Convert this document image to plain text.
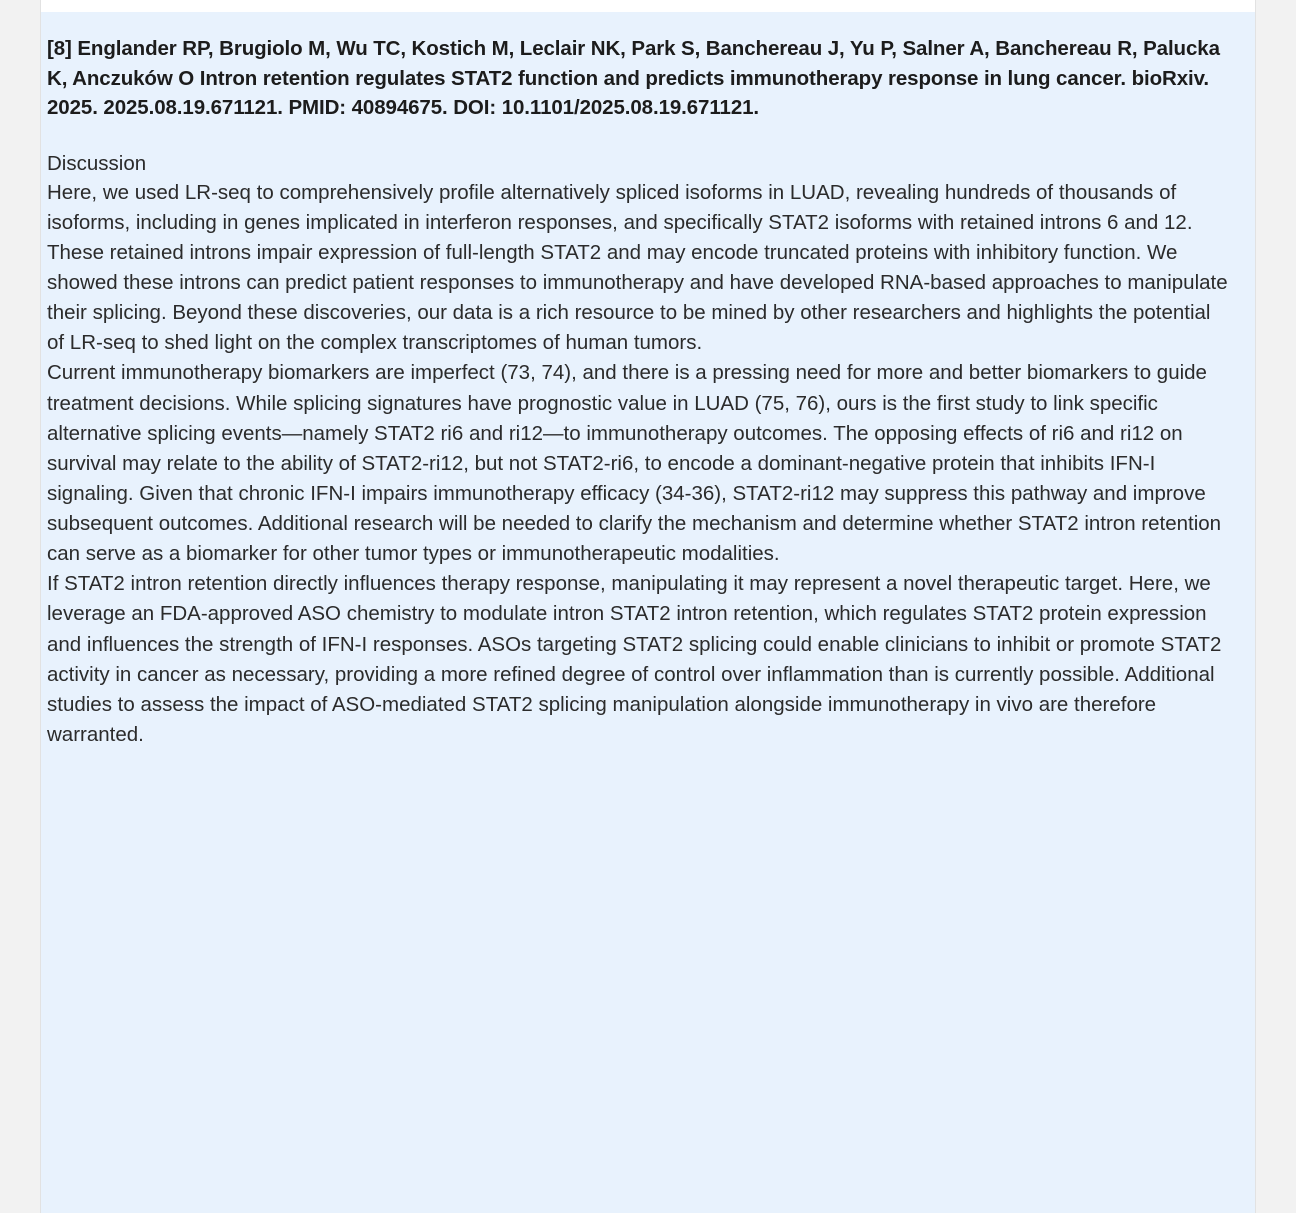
[8] Englander RP, Brugiolo M, Wu TC, Kostich M, Leclair NK, Park S, Banchereau J, Yu P, Salner A, Banchereau R, Palucka K, Anczuków O Intron retention regulates STAT2 function and predicts immunotherapy response in lung cancer. bioRxiv. 2025. 2025.08.19.671121. PMID: 40894675. DOI: 10.1101/2025.08.19.671121.

Discussion

Here, we used LR-seq to comprehensively profile alternatively spliced isoforms in LUAD, revealing hundreds of thousands of isoforms, including in genes implicated in interferon responses, and specifically STAT2 isoforms with retained introns 6 and 12. These retained introns impair expression of full-length STAT2 and may encode truncated proteins with inhibitory function. We showed these introns can predict patient responses to immunotherapy and have developed RNA-based approaches to manipulate their splicing. Beyond these discoveries, our data is a rich resource to be mined by other researchers and highlights the potential of LR-seq to shed light on the complex transcriptomes of human tumors.

Current immunotherapy biomarkers are imperfect (73, 74), and there is a pressing need for more and better biomarkers to guide treatment decisions. While splicing signatures have prognostic value in LUAD (75, 76), ours is the first study to link specific alternative splicing events—namely STAT2 ri6 and ri12—to immunotherapy outcomes. The opposing effects of ri6 and ri12 on survival may relate to the ability of STAT2-ri12, but not STAT2-ri6, to encode a dominant-negative protein that inhibits IFN-I signaling. Given that chronic IFN-I impairs immunotherapy efficacy (34-36), STAT2-ri12 may suppress this pathway and improve subsequent outcomes. Additional research will be needed to clarify the mechanism and determine whether STAT2 intron retention can serve as a biomarker for other tumor types or immunotherapeutic modalities.

If STAT2 intron retention directly influences therapy response, manipulating it may represent a novel therapeutic target. Here, we leverage an FDA-approved ASO chemistry to modulate intron STAT2 intron retention, which regulates STAT2 protein expression and influences the strength of IFN-I responses. ASOs targeting STAT2 splicing could enable clinicians to inhibit or promote STAT2 activity in cancer as necessary, providing a more refined degree of control over inflammation than is currently possible. Additional studies to assess the impact of ASO-mediated STAT2 splicing manipulation alongside immunotherapy in vivo are therefore warranted.
